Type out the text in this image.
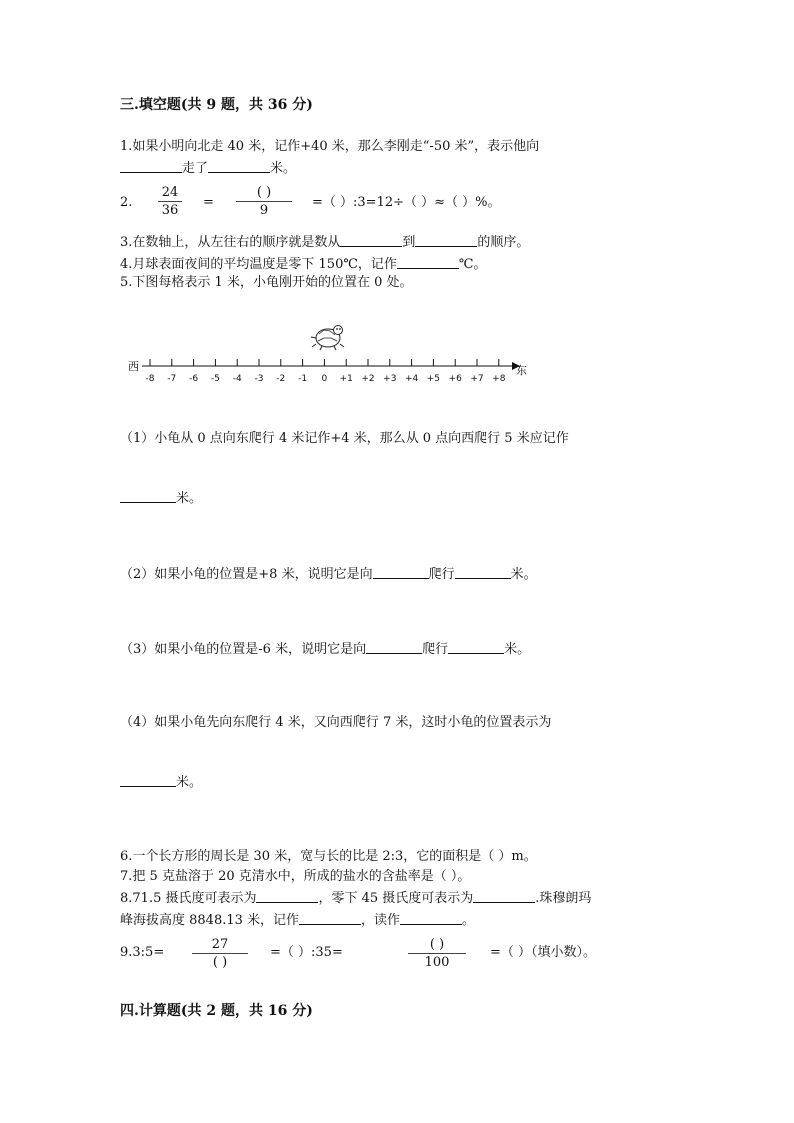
三.填空题(共 9 题，共 36 分)
1.如果小明向北走 40 米，记作+40 米，那么李刚走“-50 米”，表示他向
走了	米。
2.
24
36
=
( )
9
=（ ）:3=12÷（ ）≈（ ）%。
3.在数轴上，从左往右的顺序就是数从	到	的顺序。
4.月球表面夜间的平均温度是零下 150℃，记作	℃。
5.下图每格表示 1 米，小龟刚开始的位置在 0 处。
西	东
-8 -7 -6 -5 -4 -3 -2 -1 0 +1 +2 +3 +4 +5 +6 +7 +8
（1）小龟从 0 点向东爬行 4 米记作+4 米，那么从 0 点向西爬行 5 米应记作
米。
（2）如果小龟的位置是+8 米，说明它是向	爬行	米。
（3）如果小龟的位置是-6 米，说明它是向	爬行	米。
（4）如果小龟先向东爬行 4 米，又向西爬行 7 米，这时小龟的位置表示为
米。
6.一个长方形的周长是 30 米，宽与长的比是 2:3，它的面积是（ ）m。
7.把 5 克盐溶于 20 克清水中，所成的盐水的含盐率是（ ）。
8.71.5 摄氏度可表示为	，零下 45 摄氏度可表示为	.珠穆朗玛
峰海拔高度 8848.13 米，记作	，读作	。
9.3:5=
27
( )
=（ ）:35=
( )
100
=（ ）（填小数）。
四.计算题(共 2 题，共 16 分)
